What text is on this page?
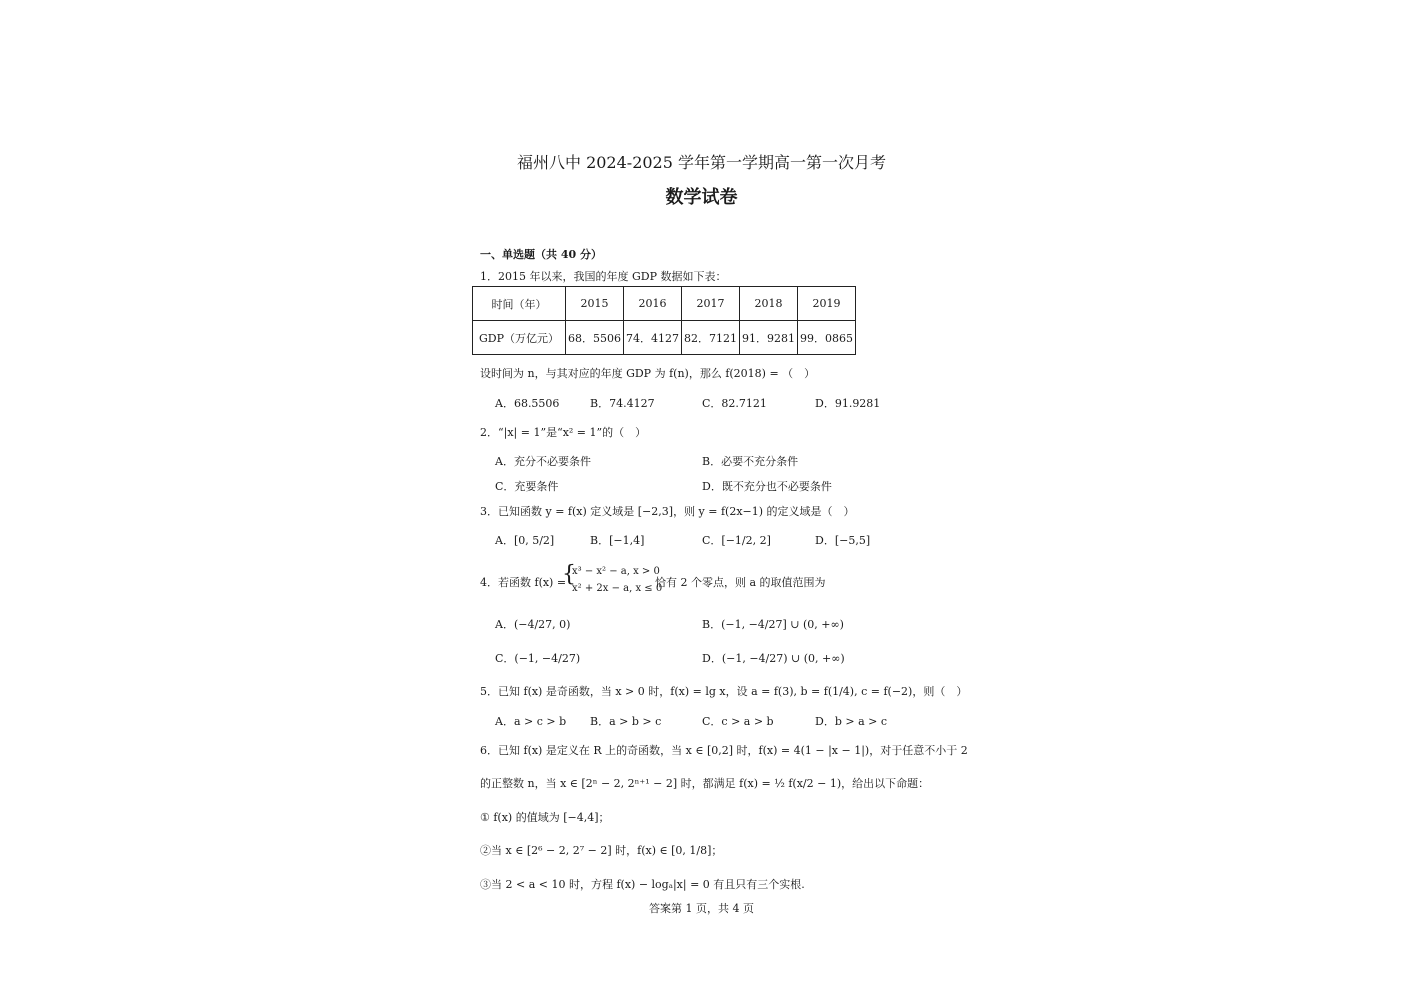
福州八中 2024-2025 学年第一学期高一第一次月考
数学试卷
一、单选题（共 40 分）
1．2015 年以来，我国的年度 GDP 数据如下表：
时间（年）	2015	2016	2017	2018	2019
GDP（万亿元）	68．5506	74．4127	82．7121	91．9281	99．0865
设时间为 n，与其对应的年度 GDP 为 f(n)，那么 f(2018) = （　）
A．68.5506	B．74.4127	C．82.7121	D．91.9281
2．“|x| = 1”是“x² = 1”的（　）
A．充分不必要条件	B．必要不充分条件
C．充要条件	D．既不充分也不必要条件
3．已知函数 y = f(x) 定义域是 [−2,3]，则 y = f(2x−1) 的定义域是（　）
A．[0, 5/2]	B．[−1,4]	C．[−1/2, 2]	D．[−5,5]
4．若函数 f(x) =
{
x³ − x² − a, x > 0
x² + 2x − a, x ≤ 0
恰有 2 个零点，则 a 的取值范围为
A．(−4/27, 0)	B．(−1, −4/27] ∪ (0, +∞)
C．(−1, −4/27)	D．(−1, −4/27) ∪ (0, +∞)
5．已知 f(x) 是奇函数，当 x > 0 时，f(x) = lg x，设 a = f(3), b = f(1/4), c = f(−2)，则（　）
A．a > c > b B．a > b > c	C．c > a > b	D．b > a > c
6．已知 f(x) 是定义在 R 上的奇函数，当 x ∈ [0,2] 时，f(x) = 4(1 − |x − 1|)，对于任意不小于 2
的正整数 n，当 x ∈ [2ⁿ − 2, 2ⁿ⁺¹ − 2] 时，都满足 f(x) = ½ f(x/2 − 1)，给出以下命题：
① f(x) 的值域为 [−4,4]；
②当 x ∈ [2⁶ − 2, 2⁷ − 2] 时，f(x) ∈ [0, 1/8]；
③当 2 < a < 10 时，方程 f(x) − logₐ|x| = 0 有且只有三个实根.
答案第 1 页，共 4 页
